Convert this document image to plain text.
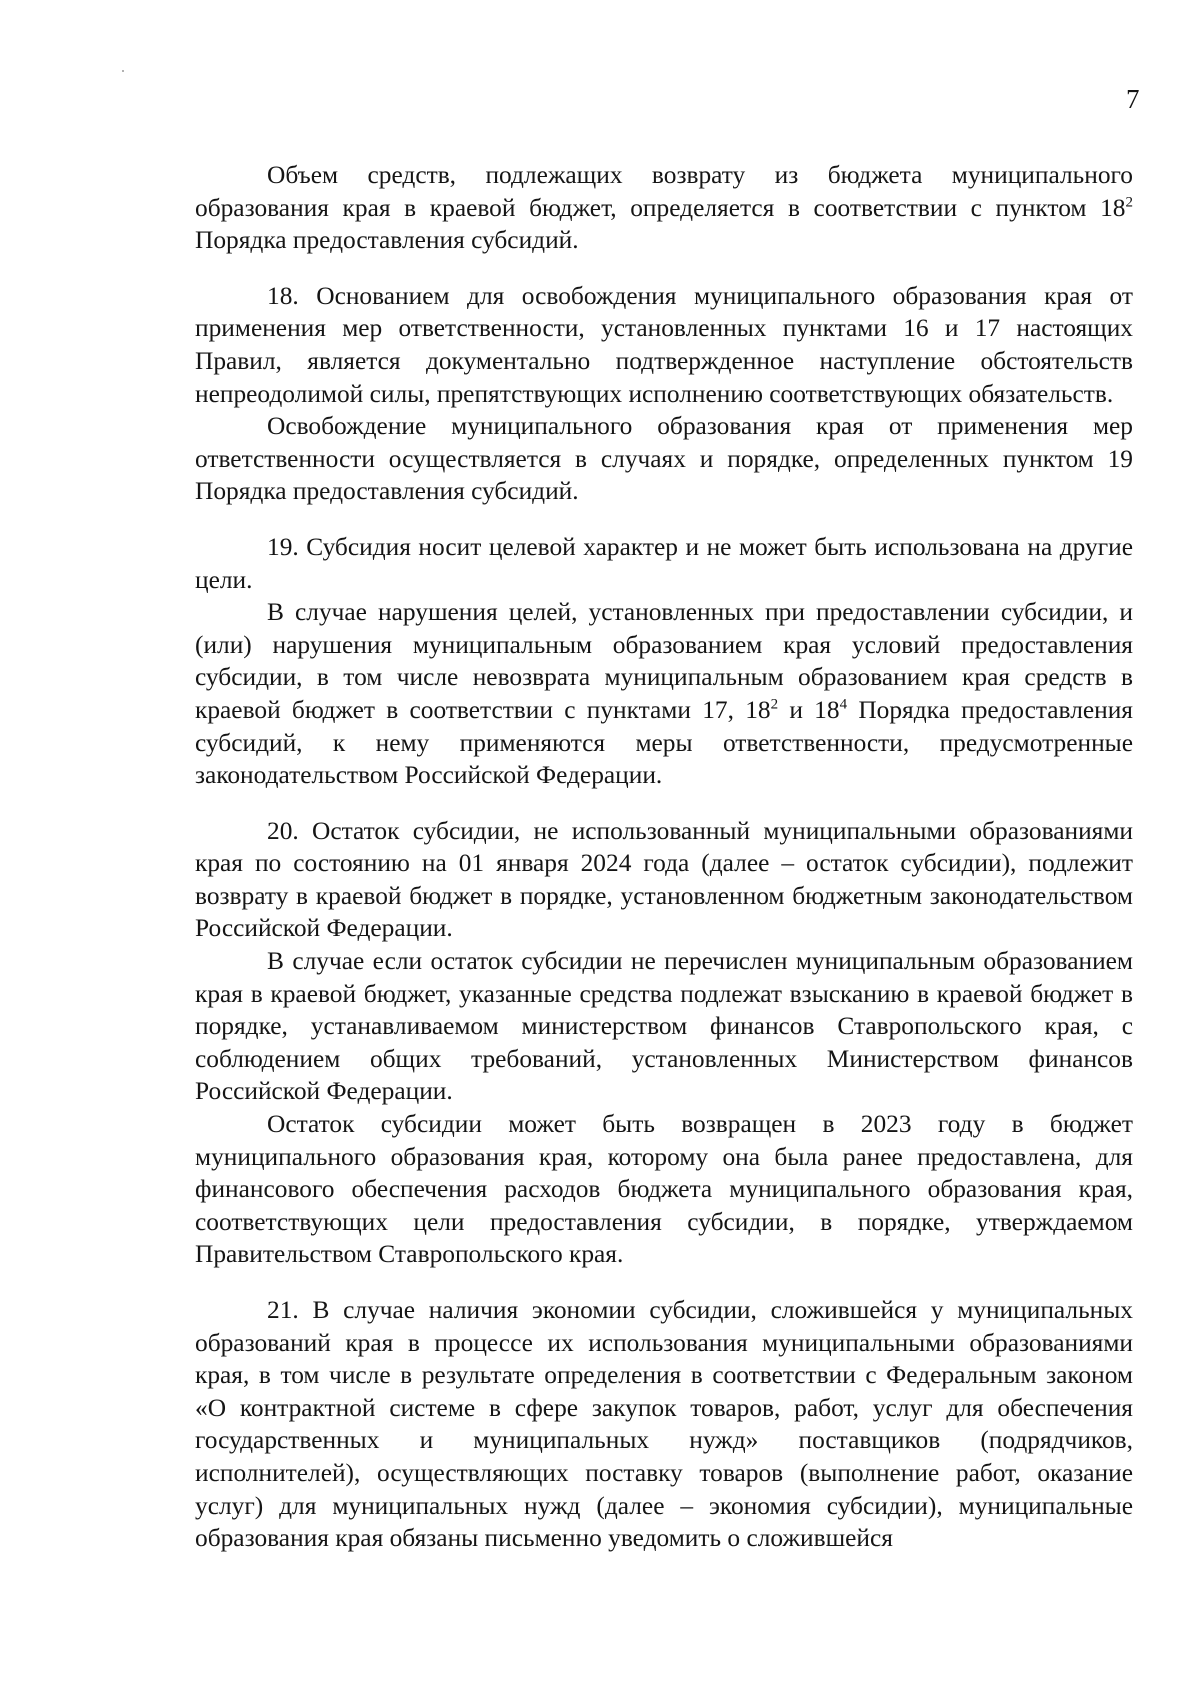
7

Объем средств, подлежащих возврату из бюджета муниципального образования края в краевой бюджет, определяется в соответствии с пунктом $18^2$ Порядка предоставления субсидий.

18. Основанием для освобождения муниципального образования края от применения мер ответственности, установленных пунктами 16 и 17 настоящих Правил, является документально подтвержденное наступление обстоятельств непреодолимой силы, препятствующих исполнению соответствующих обязательств.

Освобождение муниципального образования края от применения мер ответственности осуществляется в случаях и порядке, определенных пунктом 19 Порядка предоставления субсидий.

19. Субсидия носит целевой характер и не может быть использована на другие цели.

В случае нарушения целей, установленных при предоставлении субсидии, и (или) нарушения муниципальным образованием края условий предоставления субсидии, в том числе невозврата муниципальным образованием края средств в краевой бюджет в соответствии с пунктами 17, $18^2$ и $18^4$ Порядка предоставления субсидий, к нему применяются меры ответственности, предусмотренные законодательством Российской Федерации.

20. Остаток субсидии, не использованный муниципальными образованиями края по состоянию на 01 января 2024 года (далее – остаток субсидии), подлежит возврату в краевой бюджет в порядке, установленном бюджетным законодательством Российской Федерации.

В случае если остаток субсидии не перечислен муниципальным образованием края в краевой бюджет, указанные средства подлежат взысканию в краевой бюджет в порядке, устанавливаемом министерством финансов Ставропольского края, с соблюдением общих требований, установленных Министерством финансов Российской Федерации.

Остаток субсидии может быть возвращен в 2023 году в бюджет муниципального образования края, которому она была ранее предоставлена, для финансового обеспечения расходов бюджета муниципального образования края, соответствующих цели предоставления субсидии, в порядке, утверждаемом Правительством Ставропольского края.

21. В случае наличия экономии субсидии, сложившейся у муниципальных образований края в процессе их использования муниципальными образованиями края, в том числе в результате определения в соответствии с Федеральным законом «О контрактной системе в сфере закупок товаров, работ, услуг для обеспечения государственных и муниципальных нужд» поставщиков (подрядчиков, исполнителей), осуществляющих поставку товаров (выполнение работ, оказание услуг) для муниципальных нужд (далее – экономия субсидии), муниципальные образования края обязаны письменно уведомить о сложившейся
